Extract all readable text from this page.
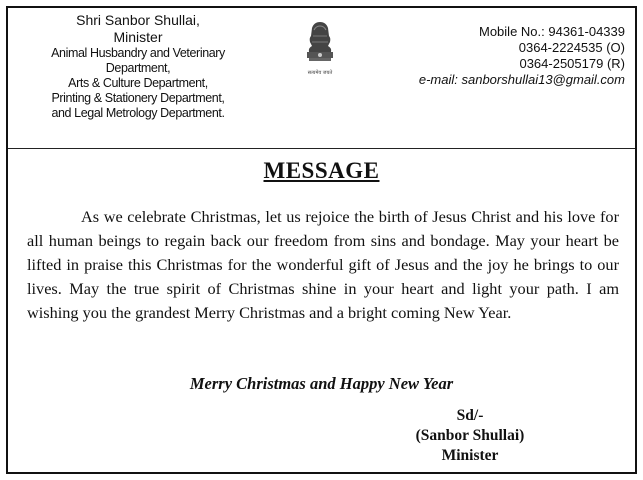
Shri Sanbor Shullai,
Minister
Animal Husbandry and Veterinary
Department,
Arts & Culture Department,
Printing & Stationery Department,
and Legal Metrology Department.
सत्यमेव जयते
Mobile No.: 94361-04339
0364-2224535 (O)
0364-2505179 (R)
e-mail: sanborshullai13@gmail.com
MESSAGE

As we celebrate Christmas, let us rejoice the birth of Jesus Christ and his love for all human beings to regain back our freedom from sins and bondage. May your heart be lifted in praise this Christmas for the wonderful gift of Jesus and the joy he brings to our lives. May the true spirit of Christmas shine in your heart and light your path. I am wishing you the grandest Merry Christmas and a bright coming New Year.

Merry Christmas and Happy New Year
Sd/-
(Sanbor Shullai)
Minister
